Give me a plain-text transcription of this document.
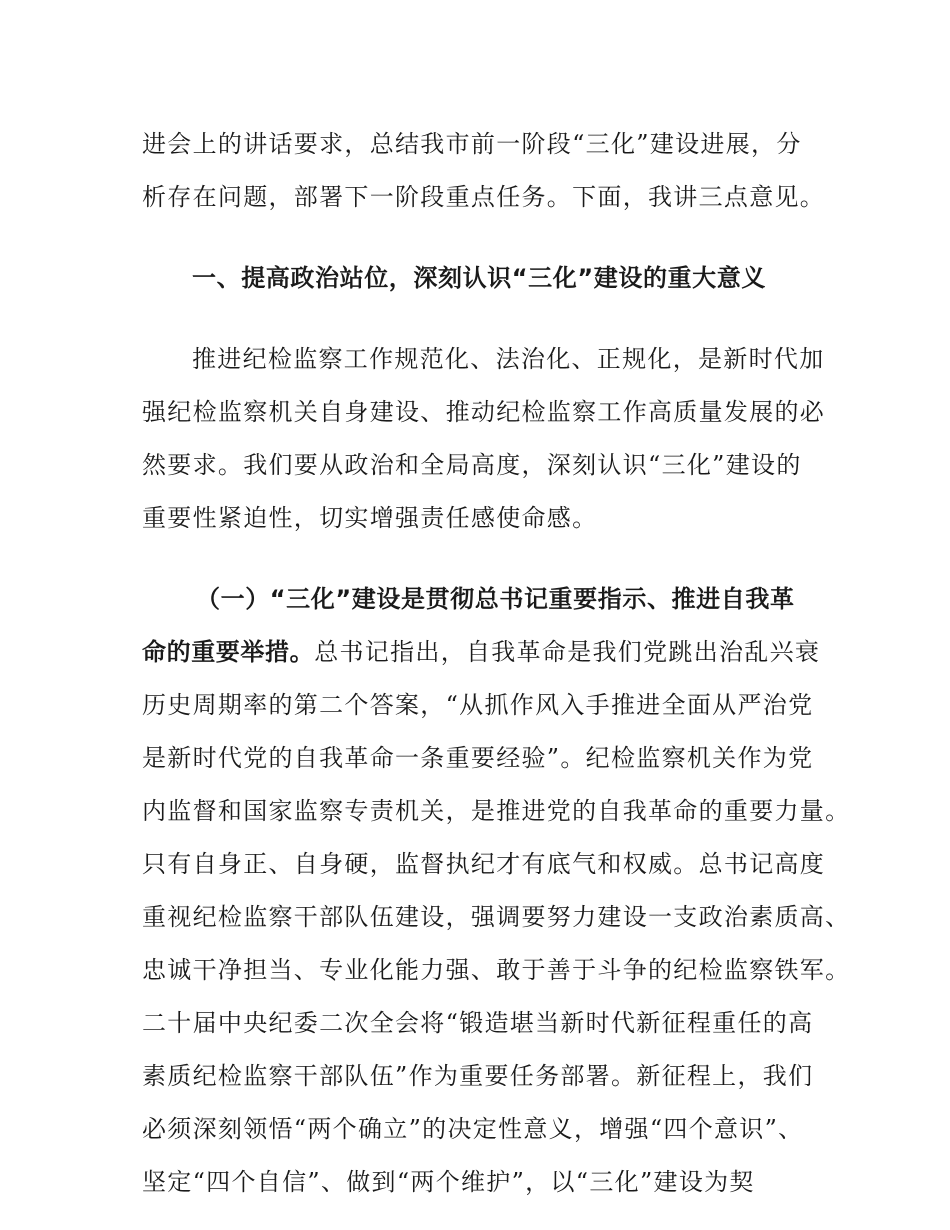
进会上的讲话要求，总结我市前一阶段“三化”建设进展，分
析存在问题，部署下一阶段重点任务。下面，我讲三点意见。
一、提高政治站位，深刻认识“三化”建设的重大意义
推进纪检监察工作规范化、法治化、正规化，是新时代加
强纪检监察机关自身建设、推动纪检监察工作高质量发展的必
然要求。我们要从政治和全局高度，深刻认识“三化”建设的
重要性紧迫性，切实增强责任感使命感。
（一）“三化”建设是贯彻总书记重要指示、推进自我革
命的重要举措。总书记指出，自我革命是我们党跳出治乱兴衰
历史周期率的第二个答案，“从抓作风入手推进全面从严治党
是新时代党的自我革命一条重要经验”。纪检监察机关作为党
内监督和国家监察专责机关，是推进党的自我革命的重要力量。
只有自身正、自身硬，监督执纪才有底气和权威。总书记高度
重视纪检监察干部队伍建设，强调要努力建设一支政治素质高、
忠诚干净担当、专业化能力强、敢于善于斗争的纪检监察铁军。
二十届中央纪委二次全会将“锻造堪当新时代新征程重任的高
素质纪检监察干部队伍”作为重要任务部署。新征程上，我们
必须深刻领悟“两个确立”的决定性意义，增强“四个意识”、
坚定“四个自信”、做到“两个维护”，以“三化”建设为契
